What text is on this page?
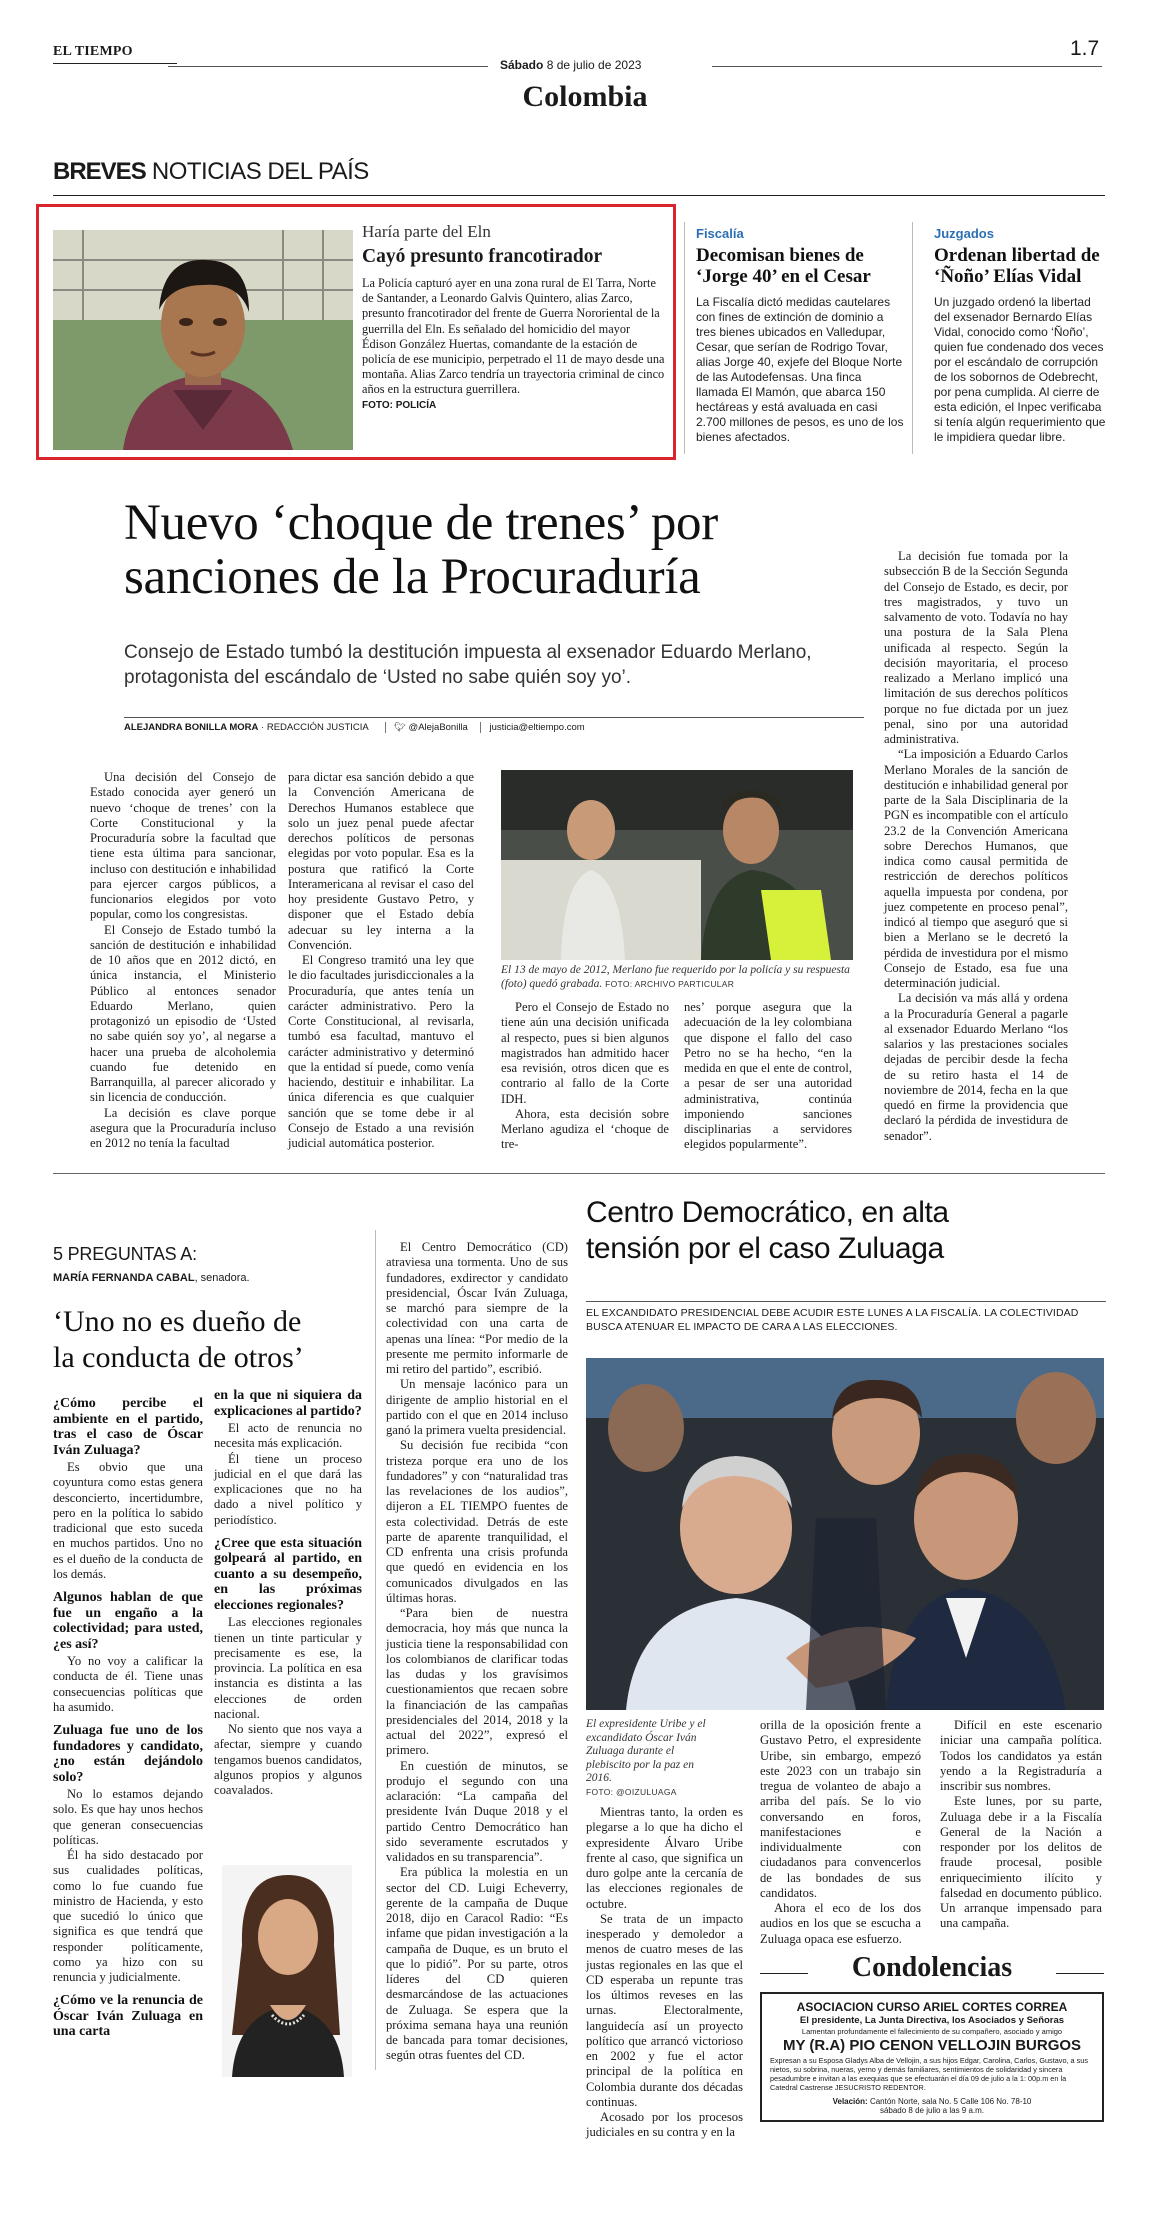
EL TIEMPO
Sábado 8 de julio de 2023
1.7
Colombia
BREVES NOTICIAS DEL PAÍS
Haría parte del Eln
Cayó presunto francotirador
La Policía capturó ayer en una zona rural de El Tarra, Norte de Santander, a Leonardo Galvis Quintero, alias Zarco, presunto francotirador del frente de Guerra Nororiental de la guerrilla del Eln. Es señalado del homicidio del mayor Édison González Huertas, comandante de la estación de policía de ese municipio, perpetrado el 11 de mayo desde una montaña. Alias Zarco tendría un trayectoria criminal de cinco años en la estructura guerrillera.
FOTO: POLICÍA
Fiscalía
Decomisan bienes de ‘Jorge 40’ en el Cesar
La Fiscalía dictó medidas cautelares con fines de extinción de dominio a tres bienes ubicados en Valledupar, Cesar, que serían de Rodrigo Tovar, alias Jorge 40, exjefe del Bloque Norte de las Autodefensas. Una finca llamada El Mamón, que abarca 150 hectáreas y está avaluada en casi 2.700 millones de pesos, es uno de los bienes afectados.
Juzgados
Ordenan libertad de ‘Ñoño’ Elías Vidal
Un juzgado ordenó la libertad del exsenador Bernardo Elías Vidal, conocido como ‘Ñoño’, quien fue condenado dos veces por el escándalo de corrupción de los sobornos de Odebrecht, por pena cumplida. Al cierre de esta edición, el Inpec verificaba si tenía algún requerimiento que le impidiera quedar libre.
Nuevo ‘choque de trenes’ por
sanciones de la Procuraduría
Consejo de Estado tumbó la destitución impuesta al exsenador Eduardo Merlano, protagonista del escándalo de ‘Usted no sabe quién soy yo’.
ALEJANDRA BONILLA MORA · REDACCIÓN JUSTICIA	🐦︎ @AlejaBonilla justicia@eltiempo.com

Una decisión del Consejo de Estado conocida ayer generó un nuevo ‘choque de trenes’ con la Corte Constitucional y la Procuraduría sobre la facultad que tiene esta última para sancionar, incluso con destitución e inhabilidad para ejercer cargos públicos, a funcionarios elegidos por voto popular, como los congresistas.

El Consejo de Estado tumbó la sanción de destitución e inhabilidad de 10 años que en 2012 dictó, en única instancia, el Ministerio Público al entonces senador Eduardo Merlano, quien protagonizó un episodio de ‘Usted no sabe quién soy yo’, al negarse a hacer una prueba de alcoholemia cuando fue detenido en Barranquilla, al parecer alicorado y sin licencia de conducción.

La decisión es clave porque asegura que la Procuraduría incluso en 2012 no tenía la facultad

para dictar esa sanción debido a que la Convención Americana de Derechos Humanos establece que solo un juez penal puede afectar derechos políticos de personas elegidas por voto popular. Esa es la postura que ratificó la Corte Interamericana al revisar el caso del hoy presidente Gustavo Petro, y disponer que el Estado debía adecuar su ley interna a la Convención.

El Congreso tramitó una ley que le dio facultades jurisdiccionales a la Procuraduría, que antes tenía un carácter administrativo. Pero la Corte Constitucional, al revisarla, tumbó esa facultad, mantuvo el carácter administrativo y determinó que la entidad sí puede, como venía haciendo, destituir e inhabilitar. La única diferencia es que cualquier sanción que se tome debe ir al Consejo de Estado a una revisión judicial automática posterior.

El 13 de mayo de 2012, Merlano fue requerido por la policía y su respuesta (foto) quedó grabada. FOTO: ARCHIVO PARTICULAR

Pero el Consejo de Estado no tiene aún una decisión unificada al respecto, pues si bien algunos magistrados han admitido hacer esa revisión, otros dicen que es contrario al fallo de la Corte IDH.

Ahora, esta decisión sobre Merlano agudiza el ‘choque de tre-

nes’ porque asegura que la adecuación de la ley colombiana que dispone el fallo del caso Petro no se ha hecho, “en la medida en que el ente de control, a pesar de ser una autoridad administrativa, continúa imponiendo sanciones disciplinarias a servidores elegidos popularmente”.

La decisión fue tomada por la subsección B de la Sección Segunda del Consejo de Estado, es decir, por tres magistrados, y tuvo un salvamento de voto. Todavía no hay una postura de la Sala Plena unificada al respecto. Según la decisión mayoritaria, el proceso realizado a Merlano implicó una limitación de sus derechos políticos porque no fue dictada por un juez penal, sino por una autoridad administrativa.

“La imposición a Eduardo Carlos Merlano Morales de la sanción de destitución e inhabilidad general por parte de la Sala Disciplinaria de la PGN es incompatible con el artículo 23.2 de la Convención Americana sobre Derechos Humanos, que indica como causal permitida de restricción de derechos políticos aquella impuesta por condena, por juez competente en proceso penal”, indicó al tiempo que aseguró que si bien a Merlano se le decretó la pérdida de investidura por el mismo Consejo de Estado, esa fue una determinación judicial.

La decisión va más allá y ordena a la Procuraduría General a pagarle al exsenador Eduardo Merlano “los salarios y las prestaciones sociales dejadas de percibir desde la fecha de su retiro hasta el 14 de noviembre de 2014, fecha en la que quedó en firme la providencia que declaró la pérdida de investidura de senador”.

5 PREGUNTAS A:
MARÍA FERNANDA CABAL, senadora.
‘Uno no es dueño de
la conducta de otros’
¿Cómo percibe el ambiente en el partido, tras el caso de Óscar Iván Zuluaga?

Es obvio que una coyuntura como estas genera desconcierto, incertidumbre, pero en la política lo sabido tradicional que esto suceda en muchos partidos. Uno no es el dueño de la conducta de los demás.

Algunos hablan de que fue un engaño a la colectividad; para usted, ¿es así?

Yo no voy a calificar la conducta de él. Tiene unas consecuencias políticas que ha asumido.

Zuluaga fue uno de los fundadores y candidato, ¿no están dejándolo solo?

No lo estamos dejando solo. Es que hay unos hechos que generan consecuencias políticas.

Él ha sido destacado por sus cualidades políticas, como lo fue cuando fue ministro de Hacienda, y esto que sucedió lo único que significa es que tendrá que responder políticamente, como ya hizo con su renuncia y judicialmente.

¿Cómo ve la renuncia de Óscar Iván Zuluaga en una carta
en la que ni siquiera da explicaciones al partido?

El acto de renuncia no necesita más explicación.

Él tiene un proceso judicial en el que dará las explicaciones que no ha dado a nivel político y periodístico.

¿Cree que esta situación golpeará al partido, en cuanto a su desempeño, en las próximas elecciones regionales?

Las elecciones regionales tienen un tinte particular y precisamente es ese, la provincia. La política en esa instancia es distinta a las elecciones de orden nacional.

No siento que nos vaya a afectar, siempre y cuando tengamos buenos candidatos, algunos propios y algunos coavalados.

El Centro Democrático (CD) atraviesa una tormenta. Uno de sus fundadores, exdirector y candidato presidencial, Óscar Iván Zuluaga, se marchó para siempre de la colectividad con una carta de apenas una línea: “Por medio de la presente me permito informarle de mi retiro del partido”, escribió.

Un mensaje lacónico para un dirigente de amplio historial en el partido con el que en 2014 incluso ganó la primera vuelta presidencial.

Su decisión fue recibida “con tristeza porque era uno de los fundadores” y con “naturalidad tras las revelaciones de los audios”, dijeron a EL TIEMPO fuentes de esta colectividad. Detrás de este parte de aparente tranquilidad, el CD enfrenta una crisis profunda que quedó en evidencia en los comunicados divulgados en las últimas horas.

“Para bien de nuestra democracia, hoy más que nunca la justicia tiene la responsabilidad con los colombianos de clarificar todas las dudas y los gravísimos cuestionamientos que recaen sobre la financiación de las campañas presidenciales del 2014, 2018 y la actual del 2022”, expresó el primero.

En cuestión de minutos, se produjo el segundo con una aclaración: “La campaña del presidente Iván Duque 2018 y el partido Centro Democrático han sido severamente escrutados y validados en su transparencia”.

Era pública la molestia en un sector del CD. Luigi Echeverry, gerente de la campaña de Duque 2018, dijo en Caracol Radio: “Es infame que pidan investigación a la campaña de Duque, es un bruto el que lo pidió”. Por su parte, otros líderes del CD quieren desmarcándose de las actuaciones de Zuluaga. Se espera que la próxima semana haya una reunión de bancada para tomar decisiones, según otras fuentes del CD.

Centro Democrático, en alta
tensión por el caso Zuluaga
EL EXCANDIDATO PRESIDENCIAL DEBE ACUDIR ESTE LUNES A LA FISCALÍA. LA COLECTIVIDAD BUSCA ATENUAR EL IMPACTO DE CARA A LAS ELECCIONES.
El expresidente Uribe y el excandidato Óscar Iván Zuluaga durante el plebiscito por la paz en 2016.
FOTO: @OIZULUAGA

Mientras tanto, la orden es plegarse a lo que ha dicho el expresidente Álvaro Uribe frente al caso, que significa un duro golpe ante la cercanía de las elecciones regionales de octubre.

Se trata de un impacto inesperado y demoledor a menos de cuatro meses de las justas regionales en las que el CD esperaba un repunte tras los últimos reveses en las urnas. Electoralmente, languidecía así un proyecto político que arrancó victorioso en 2002 y fue el actor principal de la política en Colombia durante dos décadas continuas.

Acosado por los procesos judiciales en su contra y en la

orilla de la oposición frente a Gustavo Petro, el expresidente Uribe, sin embargo, empezó este 2023 con un trabajo sin tregua de volanteo de abajo a arriba del país. Se lo vio conversando en foros, manifestaciones e individualmente con ciudadanos para convencerlos de las bondades de sus candidatos.

Ahora el eco de los dos audios en los que se escucha a Zuluaga opaca ese esfuerzo.

Difícil en este escenario iniciar una campaña política. Todos los candidatos ya están yendo a la Registraduría a inscribir sus nombres.

Este lunes, por su parte, Zuluaga debe ir a la Fiscalía General de la Nación a responder por los delitos de fraude procesal, posible enriquecimiento ilícito y falsedad en documento público. Un arranque impensado para una campaña.

Condolencias
ASOCIACION CURSO ARIEL CORTES CORREA
El presidente, La Junta Directiva, los Asociados y Señoras
Lamentan profundamente el fallecimiento de su compañero, asociado y amigo
MY (R.A) PIO CENON VELLOJIN BURGOS
Expresan a su Esposa Gladys Alba de Vellojin, a sus hijos Edgar, Carolina, Carlos, Gustavo, a sus nietos, su sobrina, nueras, yerno y demás familiares, sentimientos de solidaridad y sincera pesadumbre e invitan a las exequias que se efectuarán el día 09 de julio a la 1: 00p.m en la Catedral Castrense JESUCRISTO REDENTOR.
Velación: Cantón Norte, sala No. 5 Calle 106 No. 78-10
sábado 8 de julio a las 9 a.m.
